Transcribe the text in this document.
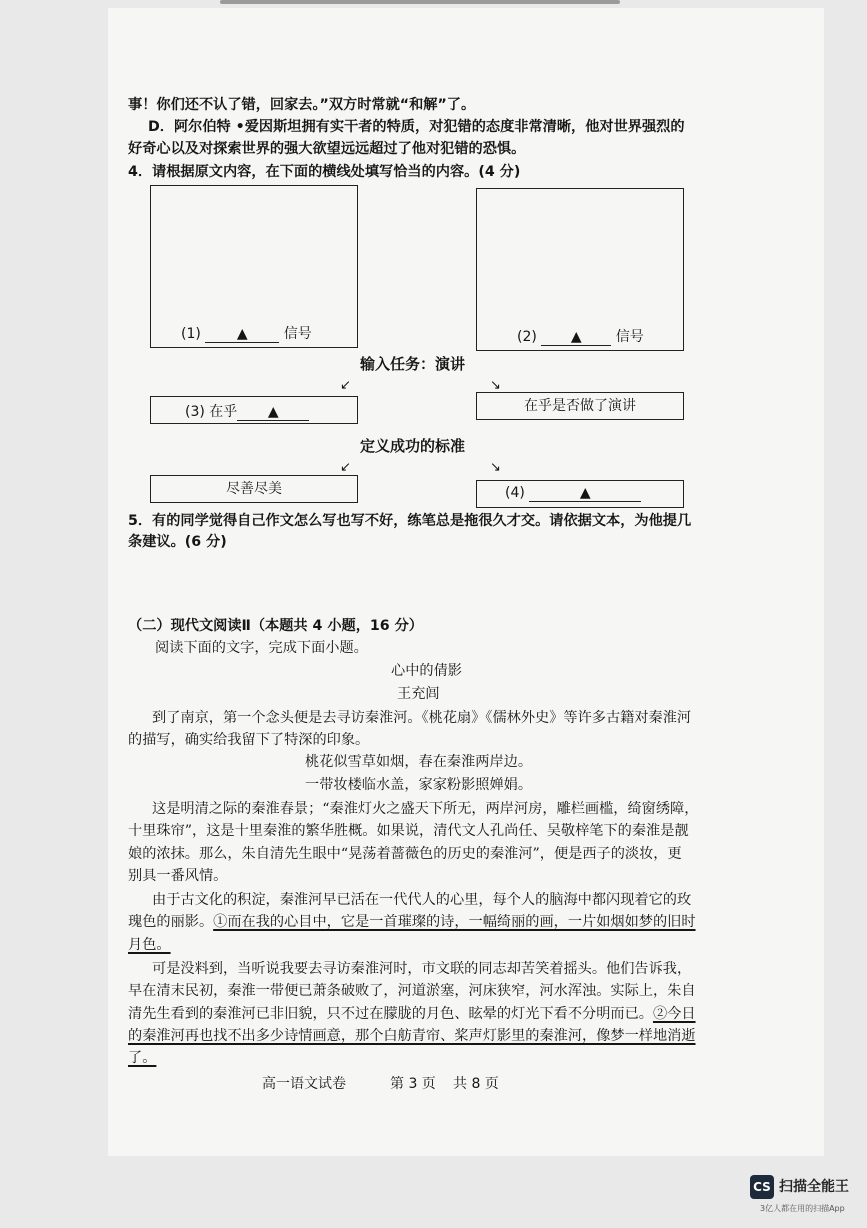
事！你们还不认了错，回家去。”双方时常就“和解”了。
D．阿尔伯特 •爱因斯坦拥有实干者的特质，对犯错的态度非常清晰，他对世界强烈的
好奇心以及对探索世界的强大欲望远远超过了他对犯错的恐惧。
4．请根据原文内容，在下面的横线处填写恰当的内容。(4 分)
(1)	▲	信号	(2) ▲ 信号
输入任务：演讲
↙	↘
(3) 在乎 ▲	在乎是否做了演讲
定义成功的标准
↙	↘
尽善尽美	(4)	▲
5．有的同学觉得自己作文怎么写也写不好，练笔总是拖很久才交。请依据文本，为他提几
条建议。(6 分)
（二）现代文阅读Ⅱ（本题共 4 小题，16 分）
阅读下面的文字，完成下面小题。
心中的倩影
王充闾
到了南京，第一个念头便是去寻访秦淮河。《桃花扇》《儒林外史》等许多古籍对秦淮河
的描写，确实给我留下了特深的印象。
桃花似雪草如烟，春在秦淮两岸边。
一带妆楼临水盖，家家粉影照婵娟。
这是明清之际的秦淮春景；“秦淮灯火之盛天下所无，两岸河房，雕栏画槛，绮窗绣障，
十里珠帘”，这是十里秦淮的繁华胜概。如果说，清代文人孔尚任、吴敬梓笔下的秦淮是靓
娘的浓抹。那么，朱自清先生眼中“晃荡着蔷薇色的历史的秦淮河”，便是西子的淡妆，更
别具一番风情。
由于古文化的积淀，秦淮河早已活在一代代人的心里，每个人的脑海中都闪现着它的玫
瑰色的丽影。①而在我的心目中，它是一首璀璨的诗，一幅绮丽的画，一片如烟如梦的旧时
月色。
可是没料到，当听说我要去寻访秦淮河时，市文联的同志却苦笑着摇头。他们告诉我，
早在清末民初，秦淮一带便已萧条破败了，河道淤塞，河床狭窄，河水浑浊。实际上，朱自
清先生看到的秦淮河已非旧貌，只不过在朦胧的月色、眩晕的灯光下看不分明而已。②今日
的秦淮河再也找不出多少诗情画意，那个白舫青帘、桨声灯影里的秦淮河，像梦一样地消逝
了。
高一语文试卷	第 3 页 共 8 页
CS 扫描全能王
3亿人都在用的扫描App
